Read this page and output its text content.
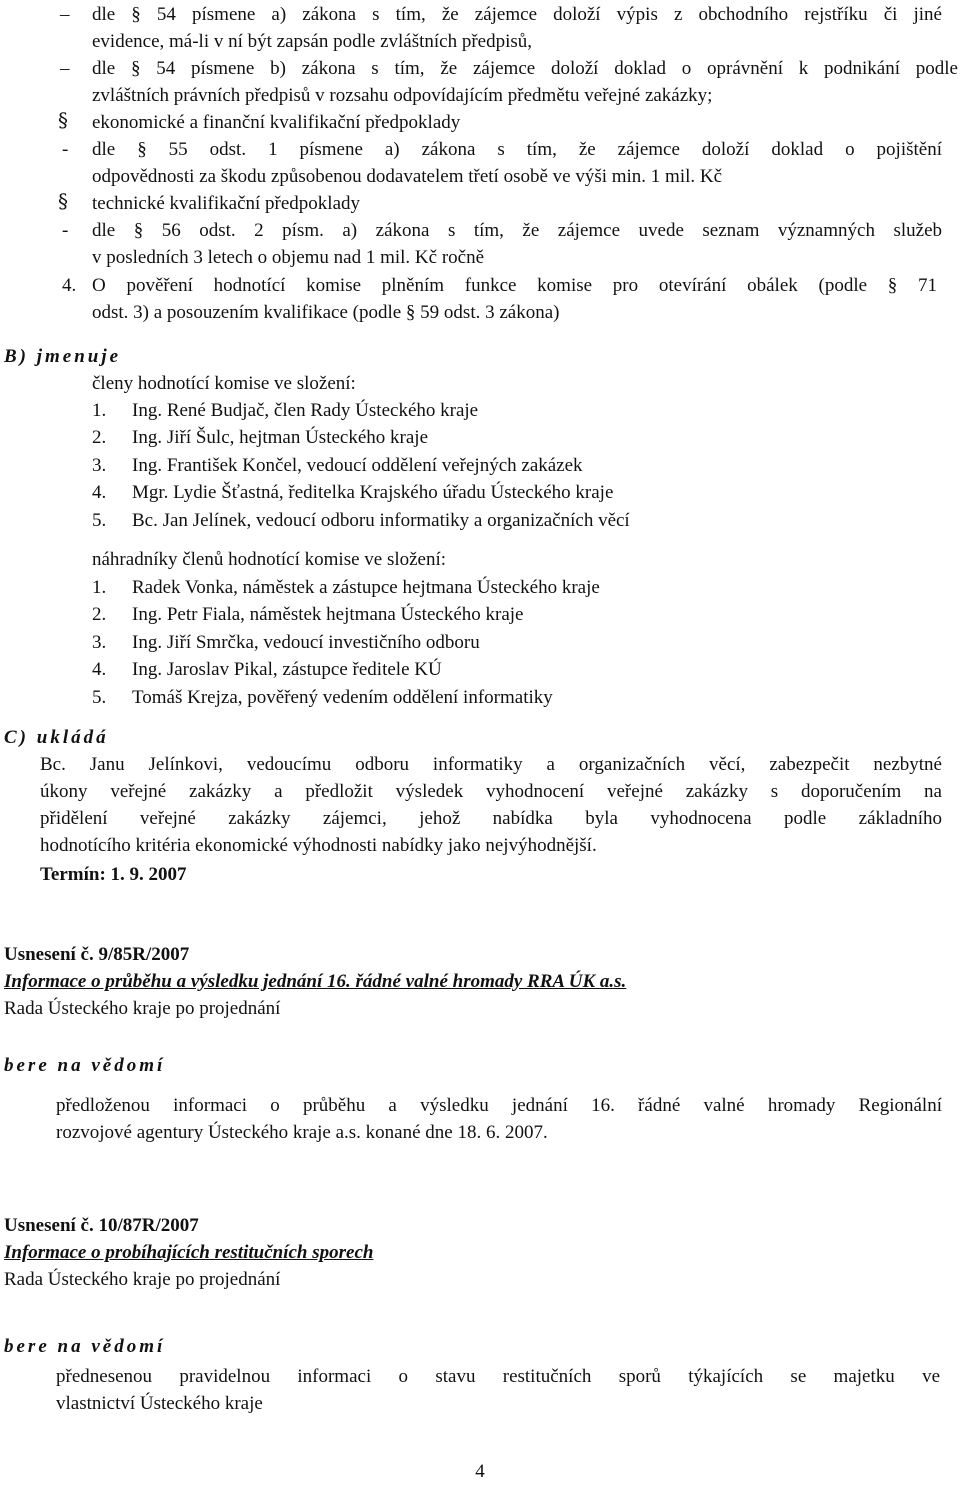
– dle § 54 písmene a) zákona s tím, že zájemce doloží výpis z obchodního rejstříku či jiné
evidence, má-li v ní být zapsán podle zvláštních předpisů,
– dle § 54 písmene b) zákona s tím, že zájemce doloží doklad o oprávnění k podnikání podle
zvláštních právních předpisů v rozsahu odpovídajícím předmětu veřejné zakázky;
§ ekonomické a finanční kvalifikační předpoklady
- dle § 55 odst. 1 písmene a) zákona s tím, že zájemce doloží doklad o pojištění
odpovědnosti za škodu způsobenou dodavatelem třetí osobě ve výši min. 1 mil. Kč
§ technické kvalifikační předpoklady
- dle § 56 odst. 2 písm. a) zákona s tím, že zájemce uvede seznam významných služeb
v posledních 3 letech o objemu nad 1 mil. Kč ročně
4. O pověření hodnotící komise plněním funkce komise pro otevírání obálek (podle § 71
odst. 3) a posouzením kvalifikace (podle § 59 odst. 3 zákona)
B) jmenuje
členy hodnotící komise ve složení:
1. Ing. René Budjač, člen Rady Ústeckého kraje
2. Ing. Jiří Šulc, hejtman Ústeckého kraje
3. Ing. František Končel, vedoucí oddělení veřejných zakázek
4. Mgr. Lydie Šťastná, ředitelka Krajského úřadu Ústeckého kraje
5. Bc. Jan Jelínek, vedoucí odboru informatiky a organizačních věcí
náhradníky členů hodnotící komise ve složení:
1. Radek Vonka, náměstek a zástupce hejtmana Ústeckého kraje
2. Ing. Petr Fiala, náměstek hejtmana Ústeckého kraje
3. Ing. Jiří Smrčka, vedoucí investičního odboru
4. Ing. Jaroslav Pikal, zástupce ředitele KÚ
5. Tomáš Krejza, pověřený vedením oddělení informatiky
C) ukládá
Bc. Janu Jelínkovi, vedoucímu odboru informatiky a organizačních věcí, zabezpečit nezbytné
úkony veřejné zakázky a předložit výsledek vyhodnocení veřejné zakázky s doporučením na
přidělení veřejné zakázky zájemci, jehož nabídka byla vyhodnocena podle základního
hodnotícího kritéria ekonomické výhodnosti nabídky jako nejvýhodnější.
Termín: 1. 9. 2007
Usnesení č. 9/85R/2007
Informace o průběhu a výsledku jednání 16. řádné valné hromady RRA ÚK a.s.
Rada Ústeckého kraje po projednání
bere na vědomí
předloženou informaci o průběhu a výsledku jednání 16. řádné valné hromady Regionální
rozvojové agentury Ústeckého kraje a.s. konané dne 18. 6. 2007.
Usnesení č. 10/87R/2007
Informace o probíhajících restitučních sporech
Rada Ústeckého kraje po projednání
bere na vědomí
přednesenou pravidelnou informaci o stavu restitučních sporů týkajících se majetku ve
vlastnictví Ústeckého kraje
4
